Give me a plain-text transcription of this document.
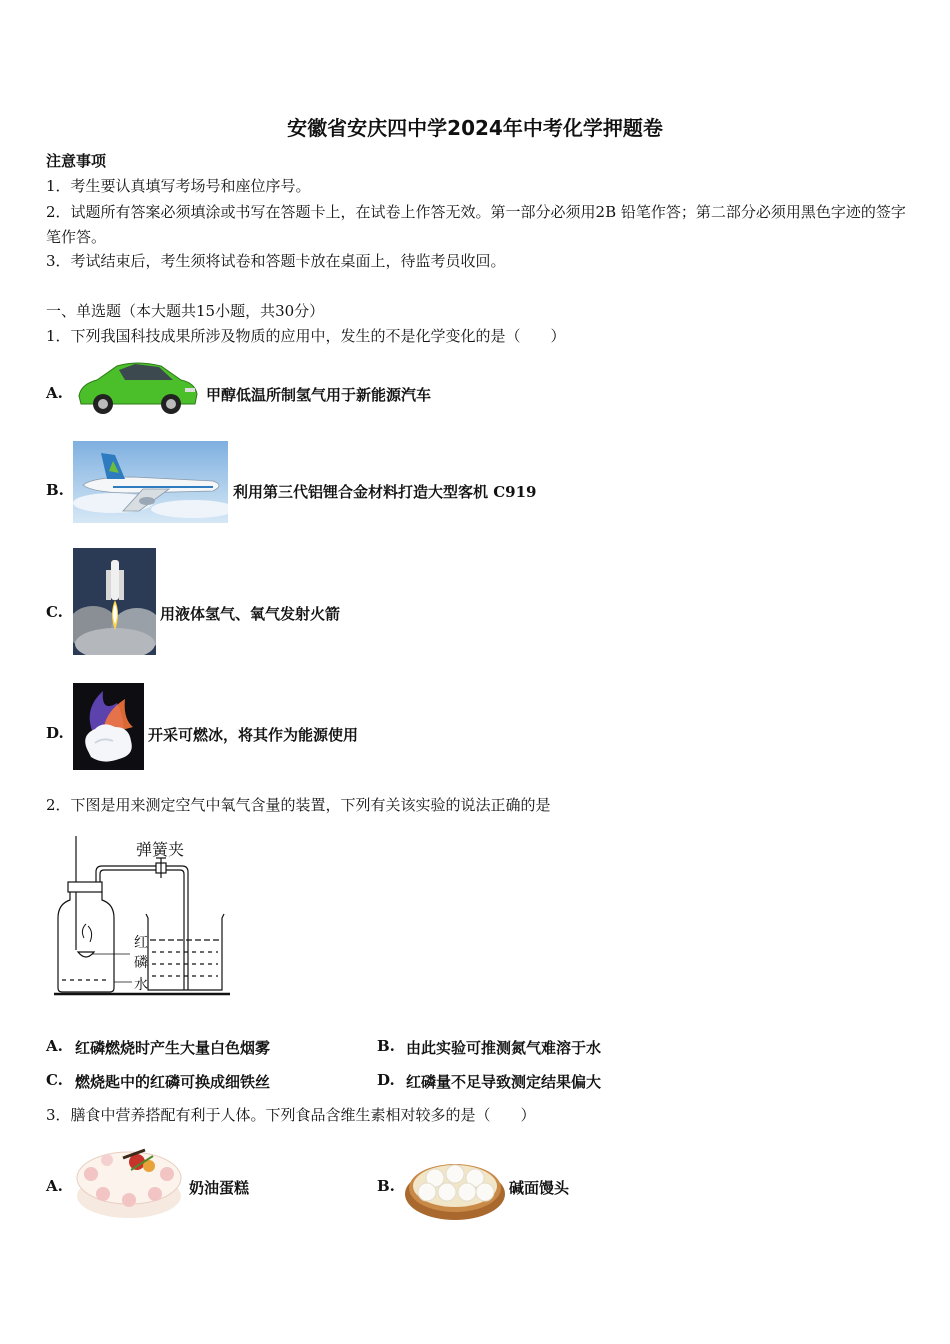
安徽省安庆四中学2024年中考化学押题卷
注意事项
1．考生要认真填写考场号和座位序号。
2．试题所有答案必须填涂或书写在答题卡上，在试卷上作答无效。第一部分必须用2B 铅笔作答；第二部分必须用黑色字迹的签字笔作答。
3．考试结束后，考生须将试卷和答题卡放在桌面上，待监考员收回。
一、单选题（本大题共15小题，共30分）
1．下列我国科技成果所涉及物质的应用中，发生的不是化学变化的是（　　）
A.	甲醇低温所制氢气用于新能源汽车
B.	利用第三代铝锂合金材料打造大型客机 C919
C.	用液体氢气、氧气发射火箭
D.	开采可燃冰，将其作为能源使用
2．下图是用来测定空气中氧气含量的装置，下列有关该实验的说法正确的是
弹簧夹
红
磷
水
A. 红磷燃烧时产生大量白色烟雾	B. 由此实验可推测氮气难溶于水
C. 燃烧匙中的红磷可换成细铁丝	D. 红磷量不足导致测定结果偏大
3．膳食中营养搭配有利于人体。下列食品含维生素相对较多的是（　　）
A.	奶油蛋糕	B.	碱面馒头
